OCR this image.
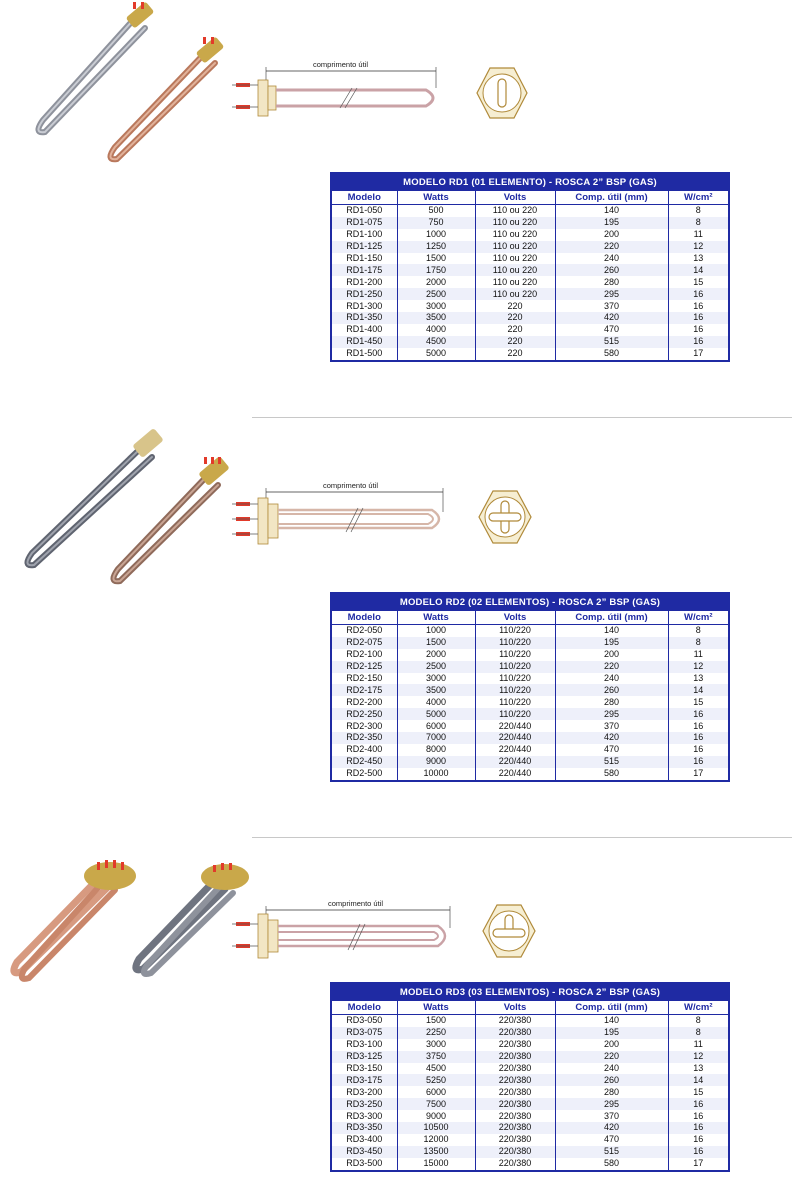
comprimento útil
MODELO RD1 (01 ELEMENTO) - ROSCA 2” BSP (GAS)				
Modelo	Watts	Volts	Comp. útil (mm)	W/cm²
RD1-050	500	110 ou 220	140	8
RD1-075	750	110 ou 220	195	8
RD1-100	1000	110 ou 220	200	11
RD1-125	1250	110 ou 220	220	12
RD1-150	1500	110 ou 220	240	13
RD1-175	1750	110 ou 220	260	14
RD1-200	2000	110 ou 220	280	15
RD1-250	2500	110 ou 220	295	16
RD1-300	3000	220	370	16
RD1-350	3500	220	420	16
RD1-400	4000	220	470	16
RD1-450	4500	220	515	16
RD1-500	5000	220	580	17
comprimento útil
MODELO RD2 (02 ELEMENTOS) - ROSCA 2” BSP (GAS)				
Modelo	Watts	Volts	Comp. útil (mm)	W/cm²
RD2-050	1000	110/220	140	8
RD2-075	1500	110/220	195	8
RD2-100	2000	110/220	200	11
RD2-125	2500	110/220	220	12
RD2-150	3000	110/220	240	13
RD2-175	3500	110/220	260	14
RD2-200	4000	110/220	280	15
RD2-250	5000	110/220	295	16
RD2-300	6000	220/440	370	16
RD2-350	7000	220/440	420	16
RD2-400	8000	220/440	470	16
RD2-450	9000	220/440	515	16
RD2-500	10000	220/440	580	17
comprimento útil
MODELO RD3 (03 ELEMENTOS) - ROSCA 2” BSP (GAS)				
Modelo	Watts	Volts	Comp. útil (mm)	W/cm²
RD3-050	1500	220/380	140	8
RD3-075	2250	220/380	195	8
RD3-100	3000	220/380	200	11
RD3-125	3750	220/380	220	12
RD3-150	4500	220/380	240	13
RD3-175	5250	220/380	260	14
RD3-200	6000	220/380	280	15
RD3-250	7500	220/380	295	16
RD3-300	9000	220/380	370	16
RD3-350	10500	220/380	420	16
RD3-400	12000	220/380	470	16
RD3-450	13500	220/380	515	16
RD3-500	15000	220/380	580	17
